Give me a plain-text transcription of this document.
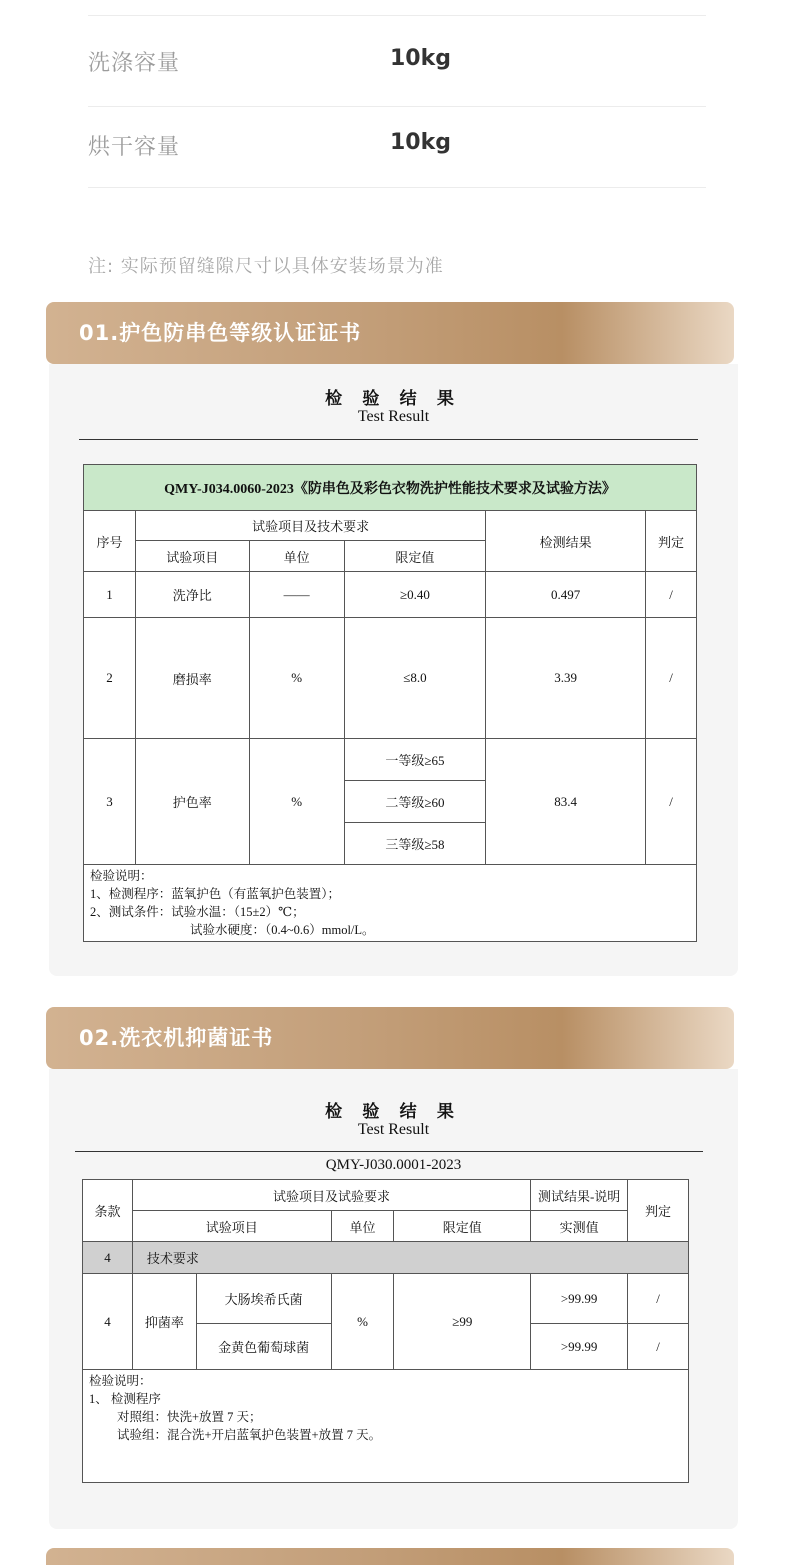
洗涤容量	10kg
烘干容量	10kg
注: 实际预留缝隙尺寸以具体安装场景为准
01.护色防串色等级认证证书
检 验 结 果
Test Result
QMY-J034.0060-2023《防串色及彩色衣物洗护性能技术要求及试验方法》					
序号	试验项目及技术要求			检测结果	判定
	试验项目	单位	限定值		
1	洗净比	——	≥0.40	0.497	/
2	磨损率	%	≤8.0	3.39	/
3	护色率	%	一等级≥65	83.4	/
			二等级≥60		
			三等级≥58		

检验说明：
1、检测程序：蓝氧护色（有蓝氧护色装置）；
2、测试条件：试验水温：（15±2）℃；
试验水硬度：（0.4~0.6）mmol/L。					
02.洗衣机抑菌证书
检 验 结 果
Test Result
QMY-J030.0001-2023
条款	试验项目及试验要求				测试结果-说明	判定
	试验项目		单位	限定值	实测值	
4	技术要求					
4	抑菌率	大肠埃希氏菌	%	≥99	>99.99	/
		金黄色葡萄球菌			>99.99	/

检验说明：
1、 检测程序
对照组：快洗+放置 7 天；
试验组：混合洗+开启蓝氧护色装置+放置 7 天。						
